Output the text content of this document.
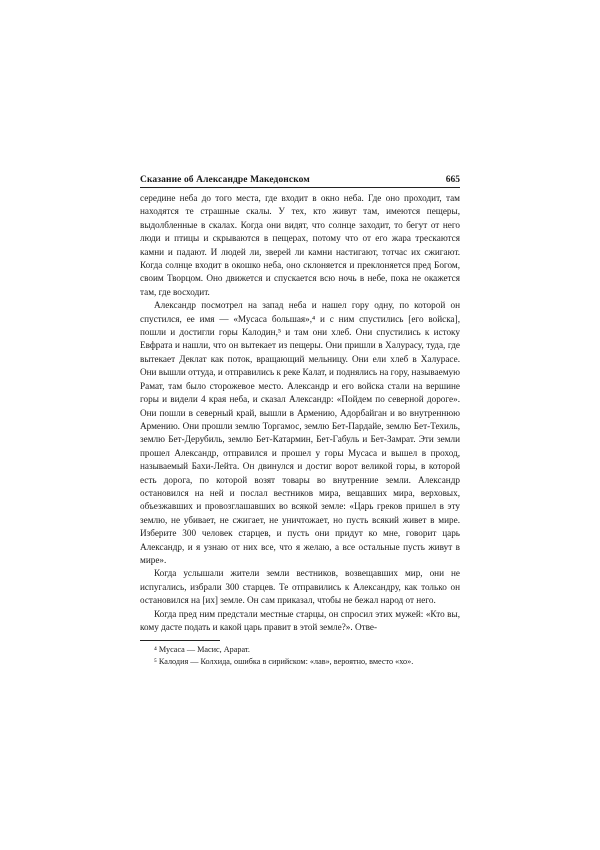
Сказание об Александре Македонском	665

середине неба до того места, где входит в окно неба. Где оно проходит, там находятся те страшные скалы. У тех, кто живут там, имеются пещеры, выдолбленные в скалах. Когда они видят, что солнце заходит, то бегут от него люди и птицы и скрываются в пещерах, потому что от его жара трескаются камни и падают. И людей ли, зверей ли камни настигают, тотчас их сжигают. Когда солнце входит в окошко неба, оно склоняется и преклоняется пред Богом, своим Творцом. Оно движется и спускается всю ночь в небе, пока не окажется там, где восходит.

Александр посмотрел на запад неба и нашел гору одну, по которой он спустился, ее имя — «Мусаса большая»,⁴ и с ним спустились [его войска], пошли и достигли горы Калодин,⁵ и там они хлеб. Они спустились к истоку Евфрата и нашли, что он вытекает из пещеры. Они пришли в Халурасу, туда, где вытекает Деклат как поток, вращающий мельницу. Они ели хлеб в Халурасе. Они вышли оттуда, и отправились к реке Калат, и поднялись на гору, называемую Рамат, там было сторожевое место. Александр и его войска стали на вершине горы и видели 4 края неба, и сказал Александр: «Пойдем по северной дороге». Они пошли в северный край, вышли в Армению, Адорбайган и во внутреннюю Армению. Они прошли землю Торгамос, землю Бет-Пардайе, землю Бет-Техиль, землю Бет-Дерубиль, землю Бет-Катармин, Бет-Габуль и Бет-Замрат. Эти земли прошел Александр, отправился и прошел у горы Мусаса и вышел в проход, называемый Бахи-Лейта. Он двинулся и достиг ворот великой горы, в которой есть дорога, по которой возят товары во внутренние земли. Александр остановился на ней и послал вестников мира, вещавших мира, верховых, объезжавших и провозглашавших во всякой земле: «Царь греков пришел в эту землю, не убивает, не сжигает, не уничтожает, но пусть всякий живет в мире. Изберите 300 человек старцев, и пусть они придут ко мне, говорит царь Александр, и я узнаю от них все, что я желаю, а все остальные пусть живут в мире».

Когда услышали жители земли вестников, возвещавших мир, они не испугались, избрали 300 старцев. Те отправились к Александру, как только он остановился на [их] земле. Он сам приказал, чтобы не бежал народ от него.

Когда пред ним предстали местные старцы, он спросил этих мужей: «Кто вы, кому дасте подать и какой царь правит в этой земле?». Отве-

⁴ Мусаса — Масис, Арарат.

⁵ Калодия — Колхида, ошибка в сирийском: «лав», вероятно, вместо «хо».
